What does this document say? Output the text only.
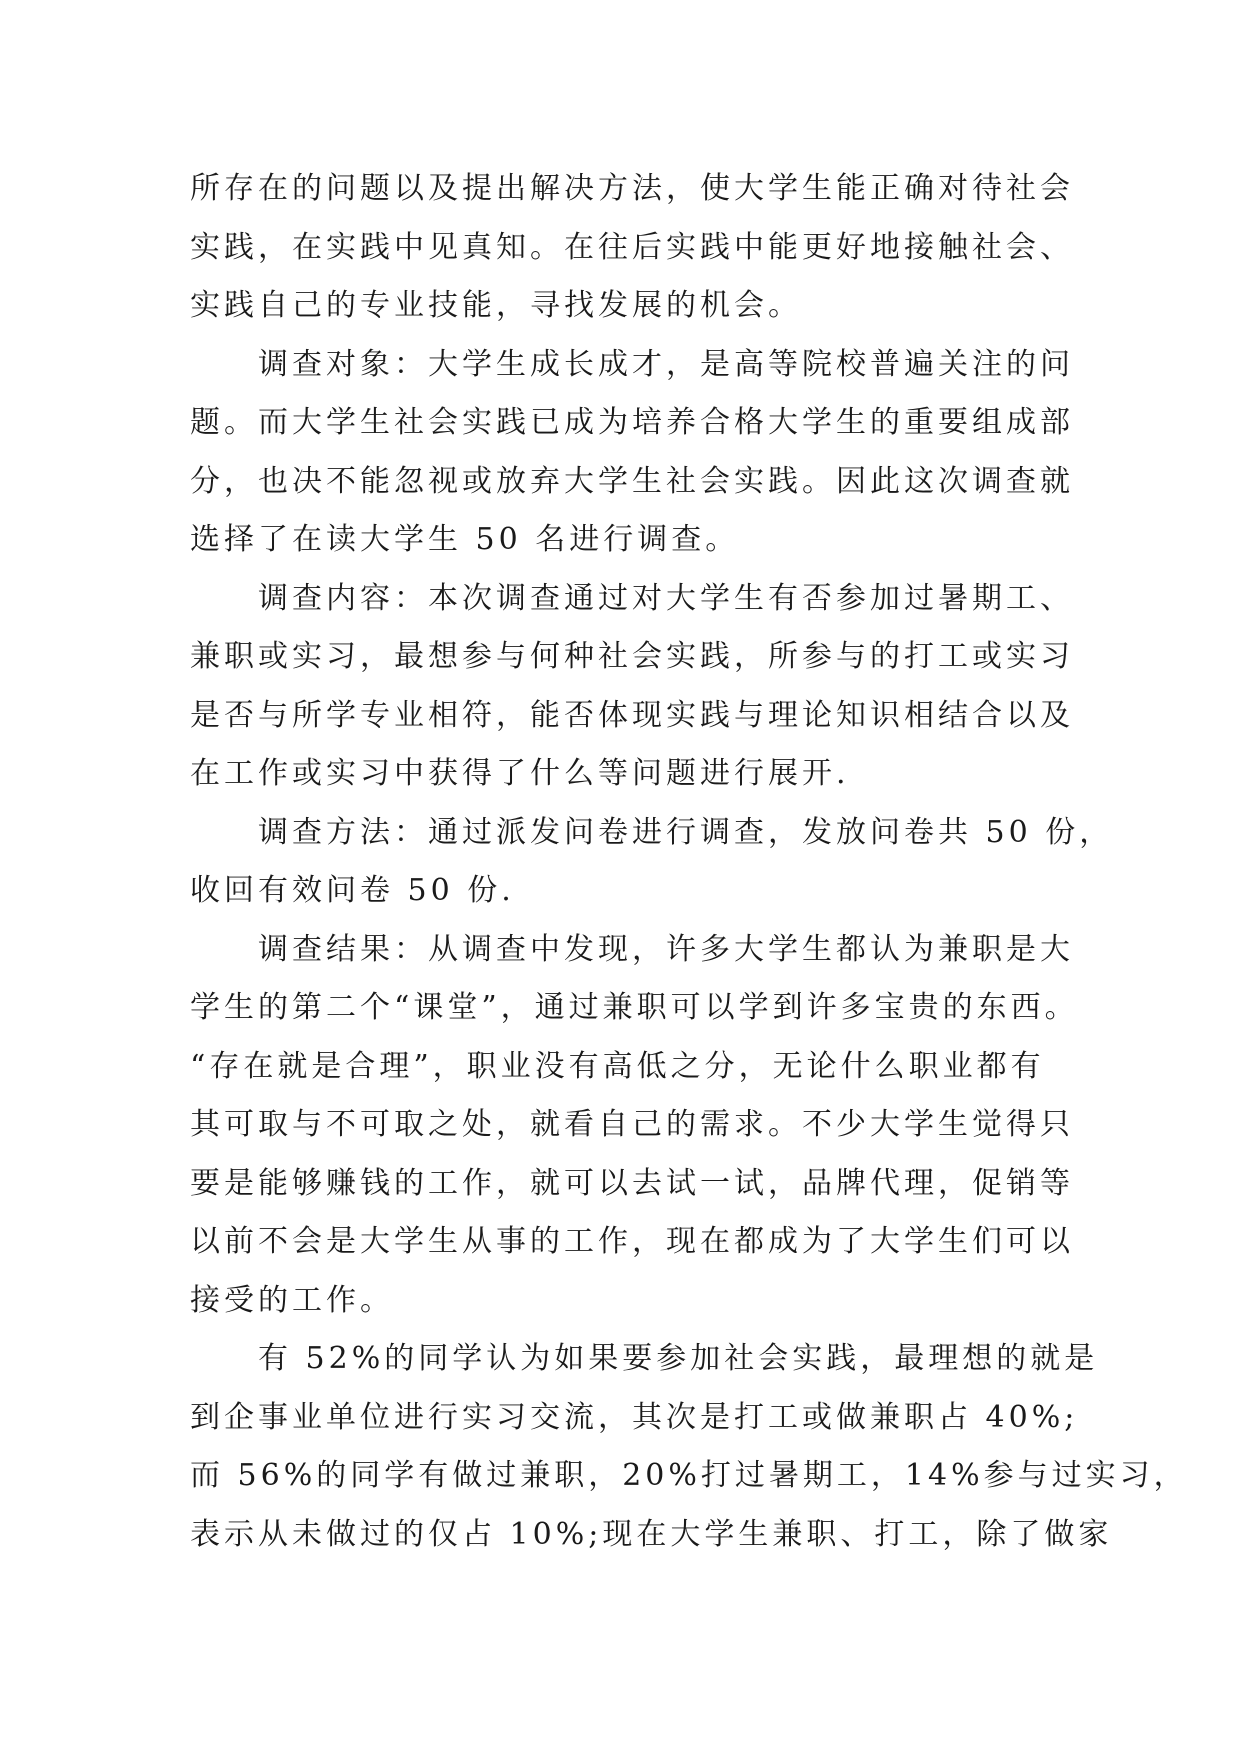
所存在的问题以及提出解决方法，使大学生能正确对待社会
实践，在实践中见真知。在往后实践中能更好地接触社会、
实践自己的专业技能，寻找发展的机会。
调查对象：大学生成长成才，是高等院校普遍关注的问
题。而大学生社会实践已成为培养合格大学生的重要组成部
分，也决不能忽视或放弃大学生社会实践。因此这次调查就
选择了在读大学生 50 名进行调查。
调查内容：本次调查通过对大学生有否参加过暑期工、
兼职或实习，最想参与何种社会实践，所参与的打工或实习
是否与所学专业相符，能否体现实践与理论知识相结合以及
在工作或实习中获得了什么等问题进行展开.
调查方法：通过派发问卷进行调查，发放问卷共 50 份，
收回有效问卷 50 份.
调查结果：从调查中发现，许多大学生都认为兼职是大
学生的第二个“课堂”，通过兼职可以学到许多宝贵的东西。
“存在就是合理”，职业没有高低之分，无论什么职业都有
其可取与不可取之处，就看自己的需求。不少大学生觉得只
要是能够赚钱的工作，就可以去试一试，品牌代理，促销等
以前不会是大学生从事的工作，现在都成为了大学生们可以
接受的工作。
有 52%的同学认为如果要参加社会实践，最理想的就是
到企事业单位进行实习交流，其次是打工或做兼职占 40%;
而 56%的同学有做过兼职，20%打过暑期工，14%参与过实习，
表示从未做过的仅占 10%;现在大学生兼职、打工，除了做家
